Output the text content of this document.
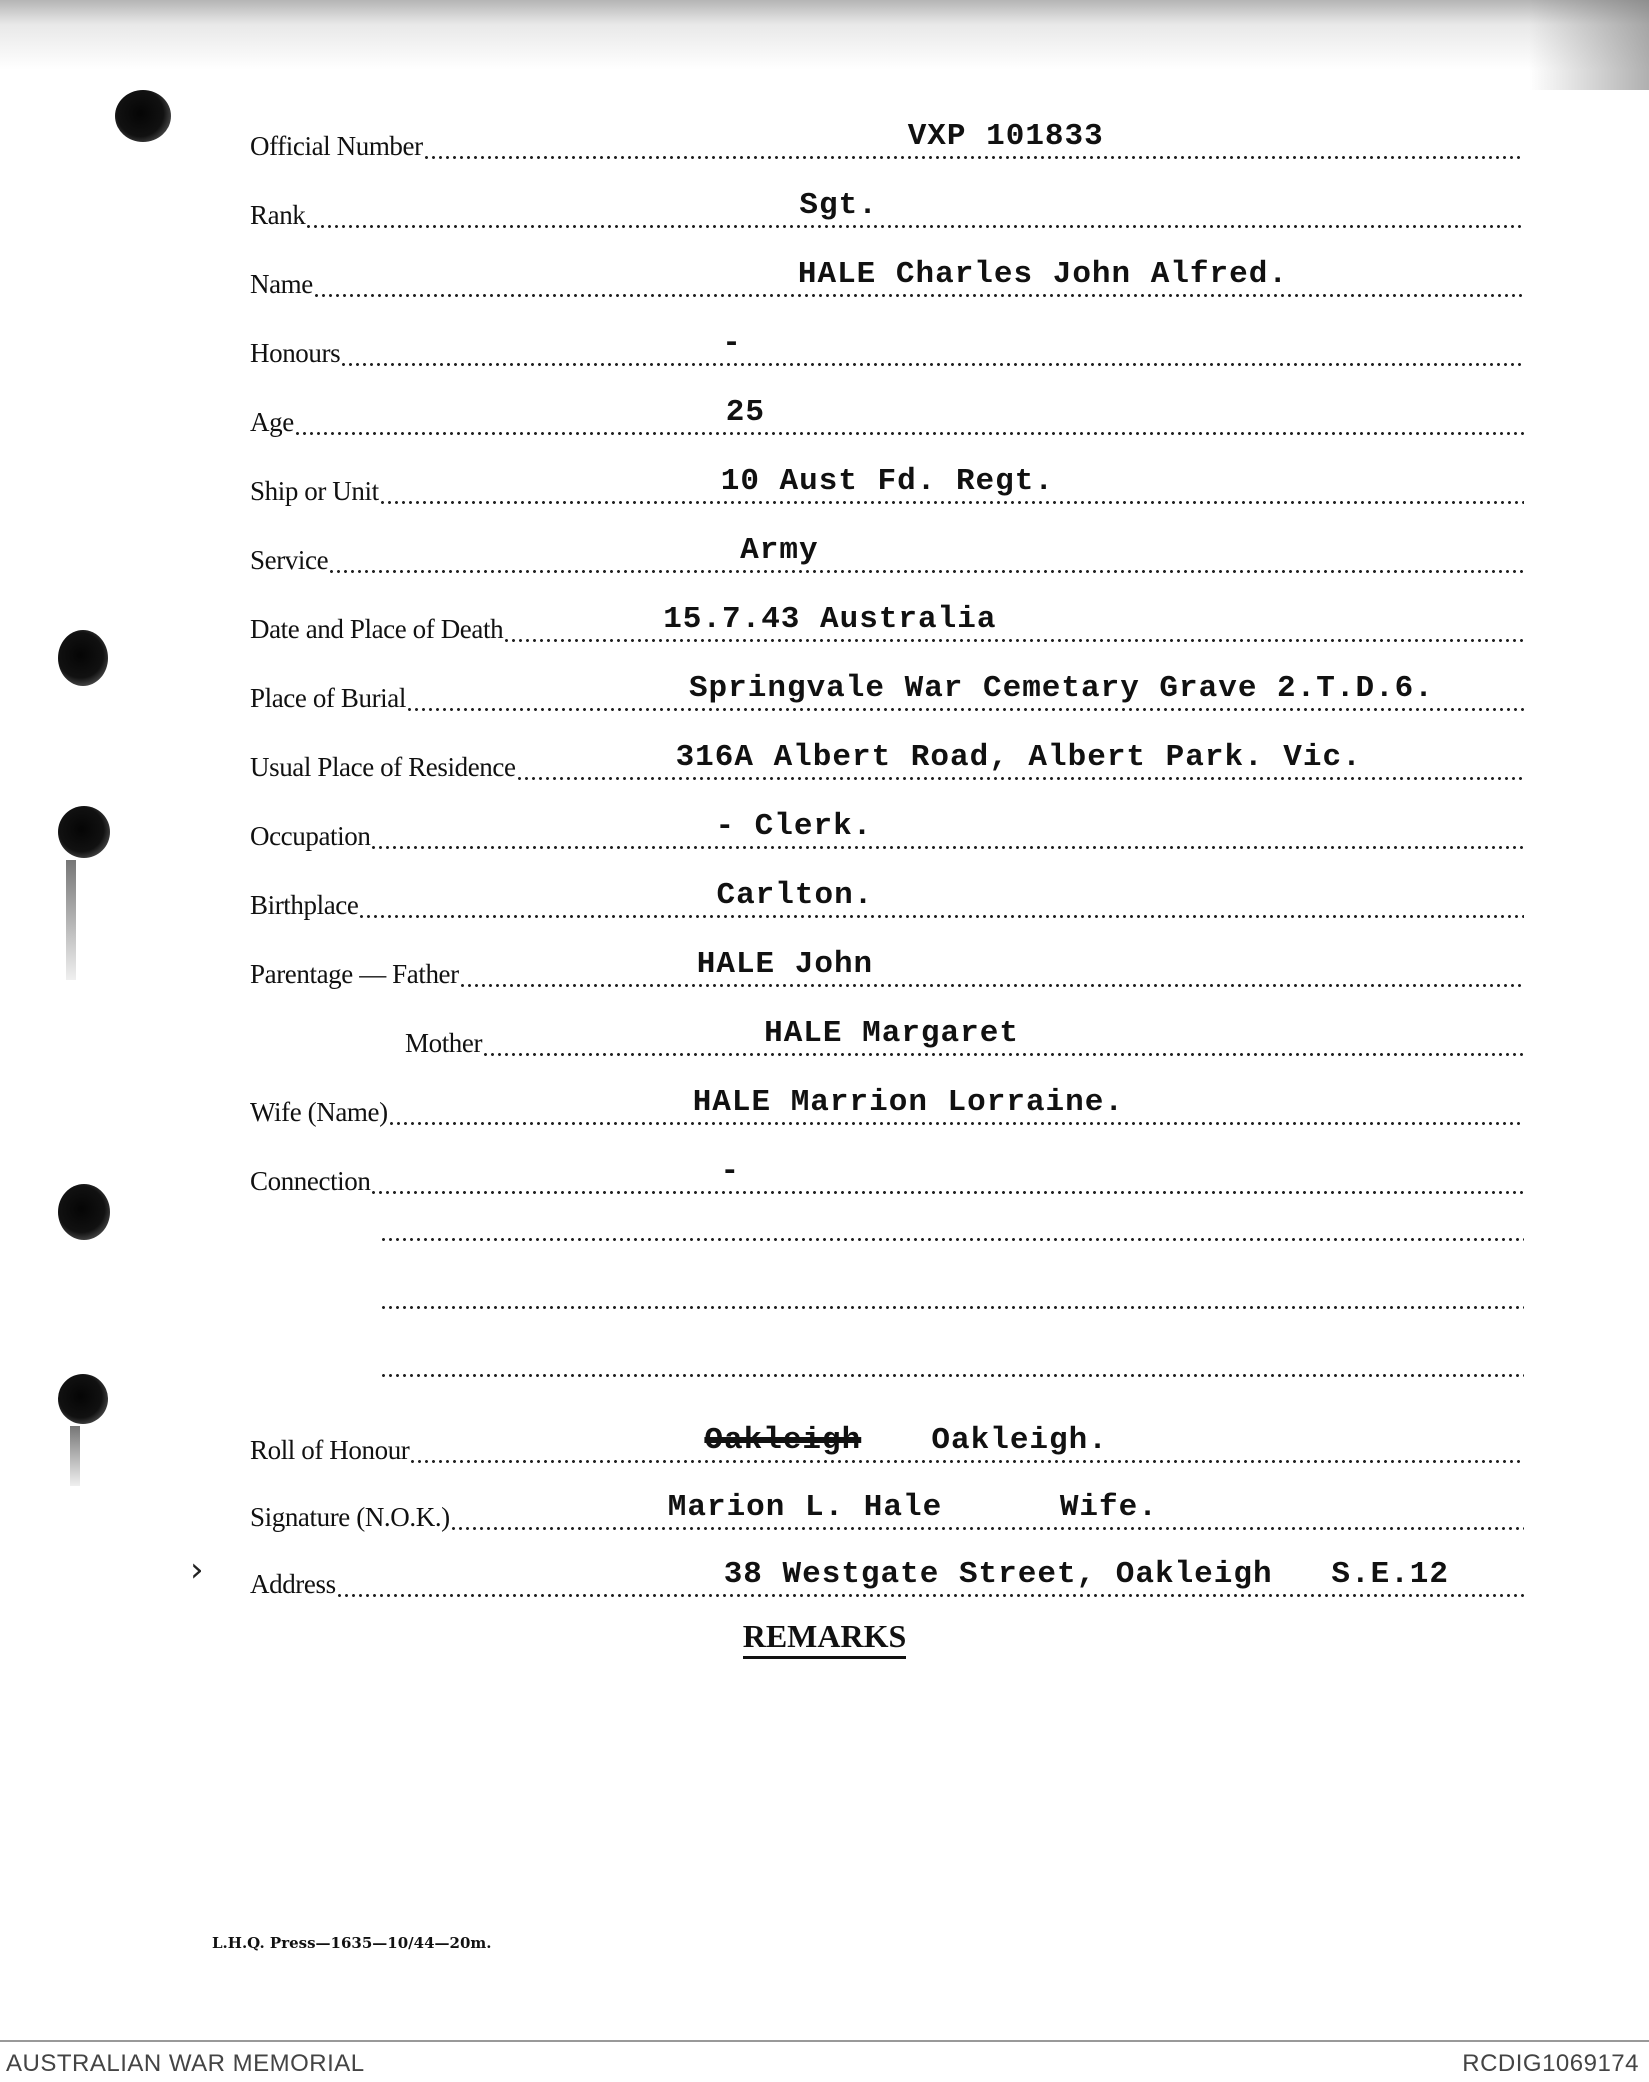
Official Number	VXP 101833
Rank	Sgt.
Name	HALE Charles John Alfred.
Honours	-
Age	25
Ship or Unit	10 Aust Fd. Regt.
Service	Army
Date and Place of Death	15.7.43 Australia
Place of Burial	Springvale War Cemetary Grave 2.T.D.6.
Usual Place of Residence	316A Albert Road, Albert Park. Vic.
Occupation	- Clerk.
Birthplace	Carlton.
Parentage — Father	HALE John
Mother	HALE Margaret
Wife (Name)	HALE Marrion Lorraine.
Connection	-
Roll of Honour	Oakleigh Oakleigh.
Signature (N.O.K.)	Marion L. Hale      Wife.
Address	38 Westgate Street, Oakleigh   S.E.12
›
REMARKS
L.H.Q. Press—1635—10/44—20m.
AUSTRALIAN WAR MEMORIAL	RCDIG1069174
